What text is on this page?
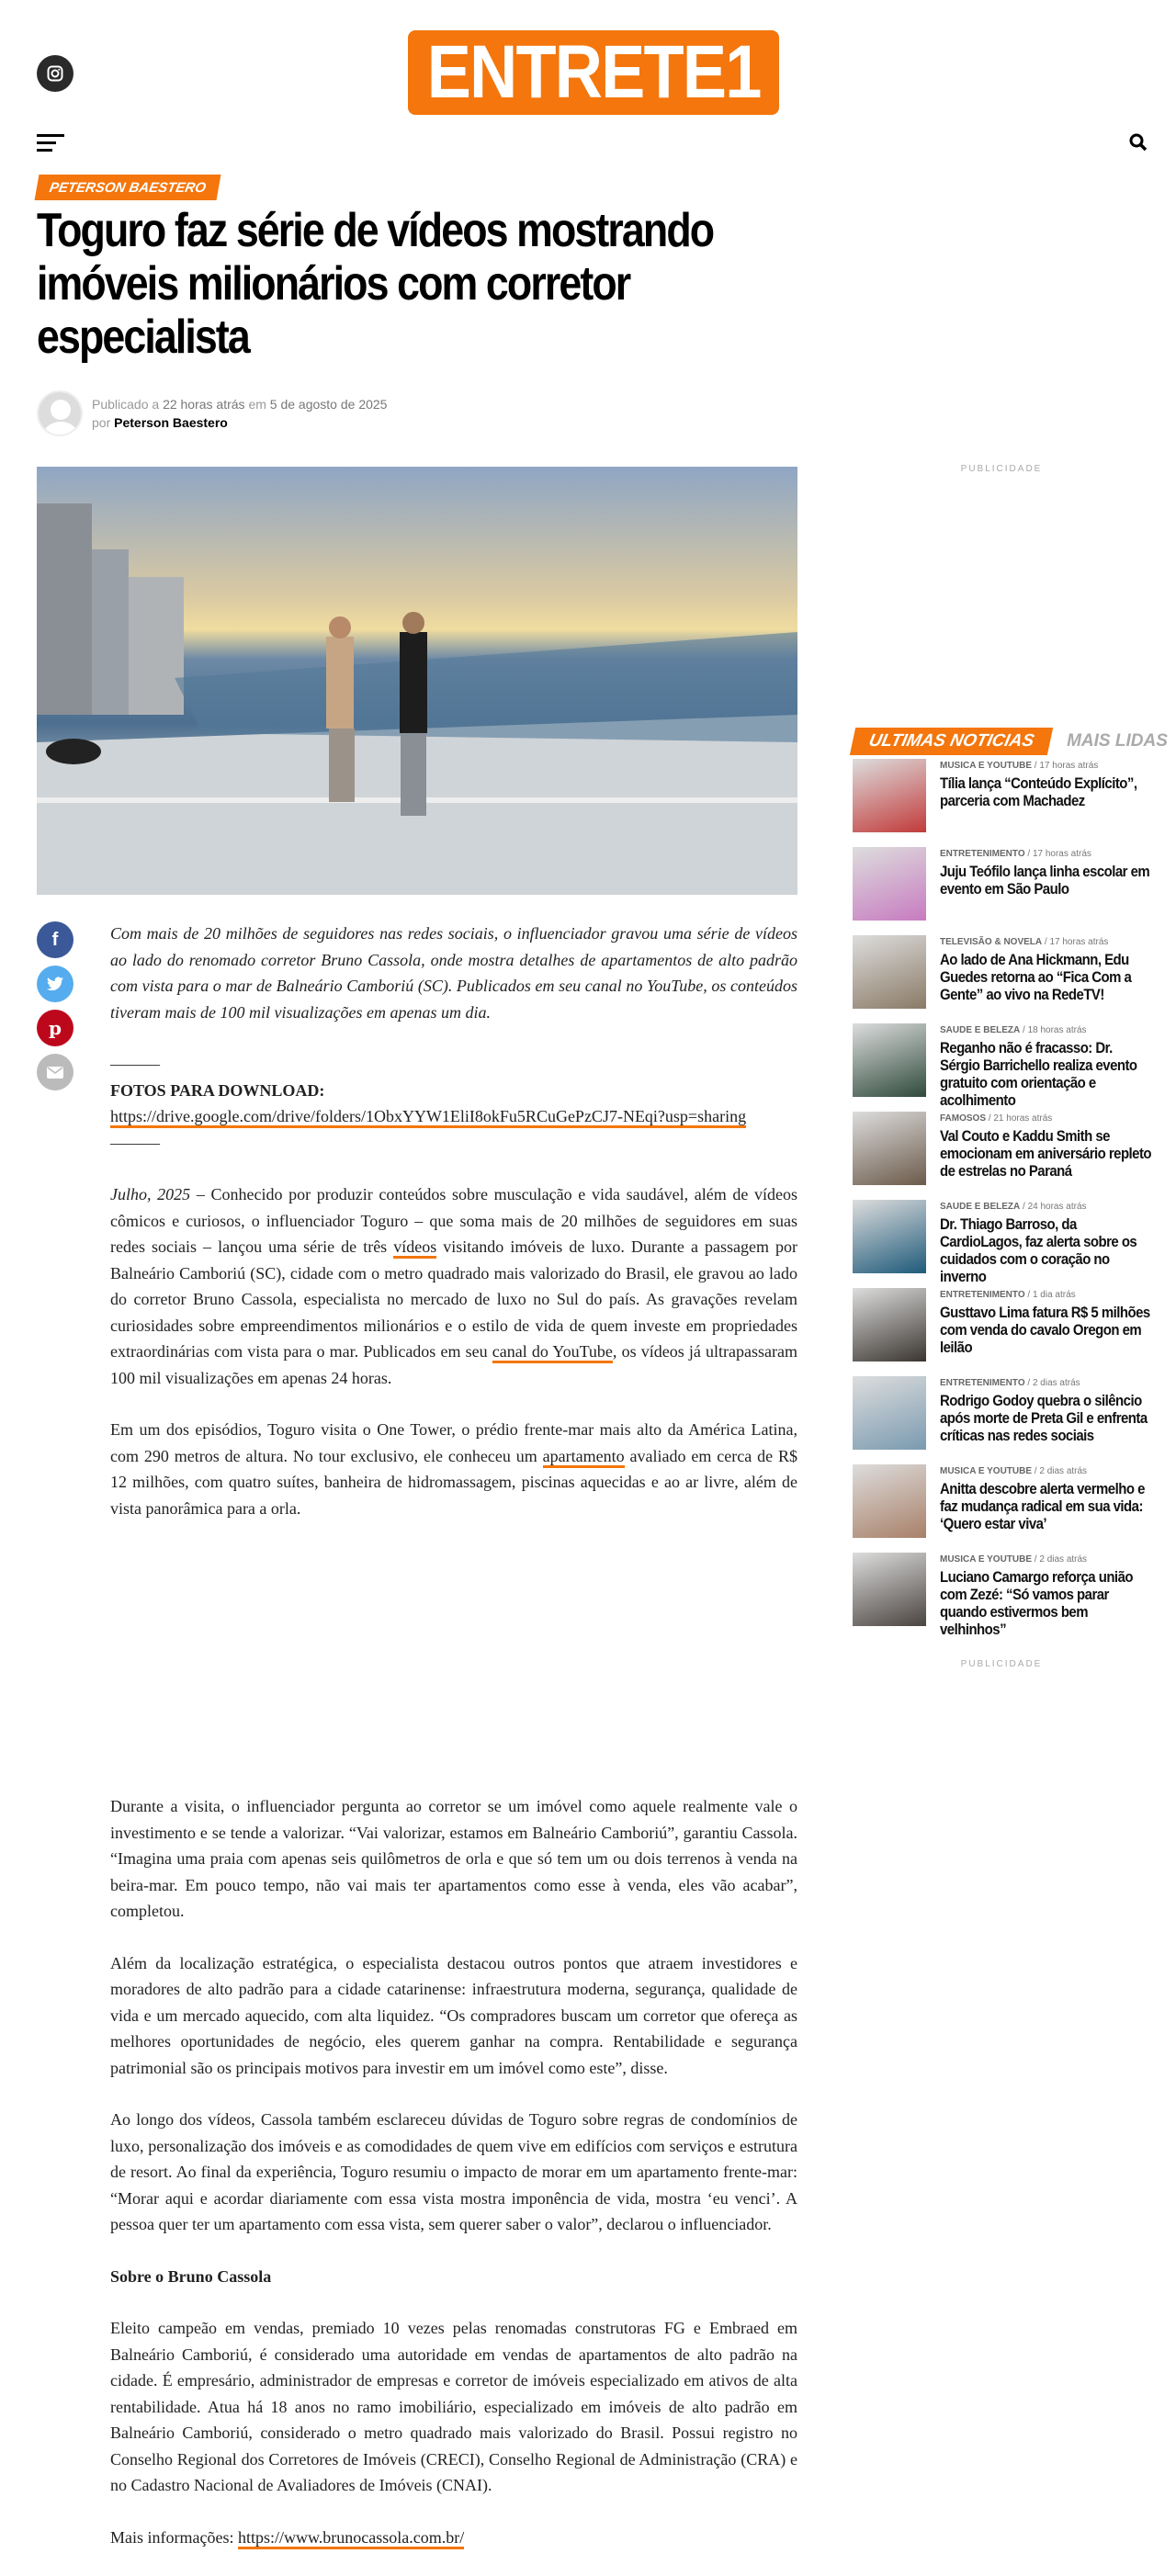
ENTRETE1
PETERSON BAESTERO
Toguro faz série de vídeos mostrando imóveis milionários com corretor especialista
Publicado a 22 horas atrás em 5 de agosto de 2025
por Peterson Baestero
f
p

Com mais de 20 milhões de seguidores nas redes sociais, o influenciador gravou uma série de vídeos ao lado do renomado corretor Bruno Cassola, onde mostra detalhes de apartamentos de alto padrão com vista para o mar de Balneário Camboriú (SC). Publicados em seu canal no YouTube, os conteúdos tiveram mais de 100 mil visualizações em apenas um dia.

———
FOTOS PARA DOWNLOAD:
https://drive.google.com/drive/folders/1ObxYYW1EliI8okFu5RCuGePzCJ7-NEqi?usp=sharing

———

Julho, 2025 – Conhecido por produzir conteúdos sobre musculação e vida saudável, além de vídeos cômicos e curiosos, o influenciador Toguro – que soma mais de 20 milhões de seguidores em suas redes sociais – lançou uma série de três vídeos visitando imóveis de luxo. Durante a passagem por Balneário Camboriú (SC), cidade com o metro quadrado mais valorizado do Brasil, ele gravou ao lado do corretor Bruno Cassola, especialista no mercado de luxo no Sul do país. As gravações revelam curiosidades sobre empreendimentos milionários e o estilo de vida de quem investe em propriedades extraordinárias com vista para o mar. Publicados em seu canal do YouTube, os vídeos já ultrapassaram 100 mil visualizações em apenas 24 horas.

Em um dos episódios, Toguro visita o One Tower, o prédio frente-mar mais alto da América Latina, com 290 metros de altura. No tour exclusivo, ele conheceu um apartamento avaliado em cerca de R$ 12 milhões, com quatro suítes, banheira de hidromassagem, piscinas aquecidas e ao ar livre, além de vista panorâmica para a orla.

Durante a visita, o influenciador pergunta ao corretor se um imóvel como aquele realmente vale o investimento e se tende a valorizar. “Vai valorizar, estamos em Balneário Camboriú”, garantiu Cassola. “Imagina uma praia com apenas seis quilômetros de orla e que só tem um ou dois terrenos à venda na beira-mar. Em pouco tempo, não vai mais ter apartamentos como esse à venda, eles vão acabar”, completou.

Além da localização estratégica, o especialista destacou outros pontos que atraem investidores e moradores de alto padrão para a cidade catarinense: infraestrutura moderna, segurança, qualidade de vida e um mercado aquecido, com alta liquidez. “Os compradores buscam um corretor que ofereça as melhores oportunidades de negócio, eles querem ganhar na compra. Rentabilidade e segurança patrimonial são os principais motivos para investir em um imóvel como este”, disse.

Ao longo dos vídeos, Cassola também esclareceu dúvidas de Toguro sobre regras de condomínios de luxo, personalização dos imóveis e as comodidades de quem vive em edifícios com serviços e estrutura de resort. Ao final da experiência, Toguro resumiu o impacto de morar em um apartamento frente-mar: “Morar aqui e acordar diariamente com essa vista mostra imponência de vida, mostra ‘eu venci’. A pessoa quer ter um apartamento com essa vista, sem querer saber o valor”, declarou o influenciador.

Sobre o Bruno Cassola

Eleito campeão em vendas, premiado 10 vezes pelas renomadas construtoras FG e Embraed em Balneário Camboriú, é considerado uma autoridade em vendas de apartamentos de alto padrão na cidade. É empresário, administrador de empresas e corretor de imóveis especializado em ativos de alta rentabilidade. Atua há 18 anos no ramo imobiliário, especializado em imóveis de alto padrão em Balneário Camboriú, considerado o metro quadrado mais valorizado do Brasil. Possui registro no Conselho Regional dos Corretores de Imóveis (CRECI), Conselho Regional de Administração (CRA) e no Cadastro Nacional de Avaliadores de Imóveis (CNAI).

Mais informações: https://www.brunocassola.com.br/

PUBLICIDADE
ULTIMAS NOTICIAS	MAIS LIDAS
MUSICA E YOUTUBE / 17 horas atrás
Tília lança “Conteúdo Explícito”, parceria com Machadez
ENTRETENIMENTO / 17 horas atrás
Juju Teófilo lança linha escolar em evento em São Paulo
TELEVISÃO & NOVELA / 17 horas atrás
Ao lado de Ana Hickmann, Edu Guedes retorna ao “Fica Com a Gente” ao vivo na RedeTV!
SAUDE E BELEZA / 18 horas atrás
Reganho não é fracasso: Dr. Sérgio Barrichello realiza evento gratuito com orientação e acolhimento
FAMOSOS / 21 horas atrás
Val Couto e Kaddu Smith se emocionam em aniversário repleto de estrelas no Paraná
SAUDE E BELEZA / 24 horas atrás
Dr. Thiago Barroso, da CardioLagos, faz alerta sobre os cuidados com o coração no inverno
ENTRETENIMENTO / 1 dia atrás
Gusttavo Lima fatura R$ 5 milhões com venda do cavalo Oregon em leilão
ENTRETENIMENTO / 2 dias atrás
Rodrigo Godoy quebra o silêncio após morte de Preta Gil e enfrenta críticas nas redes sociais
MUSICA E YOUTUBE / 2 dias atrás
Anitta descobre alerta vermelho e faz mudança radical em sua vida: ‘Quero estar viva’
MUSICA E YOUTUBE / 2 dias atrás
Luciano Camargo reforça união com Zezé: “Só vamos parar quando estivermos bem velhinhos”
PUBLICIDADE
